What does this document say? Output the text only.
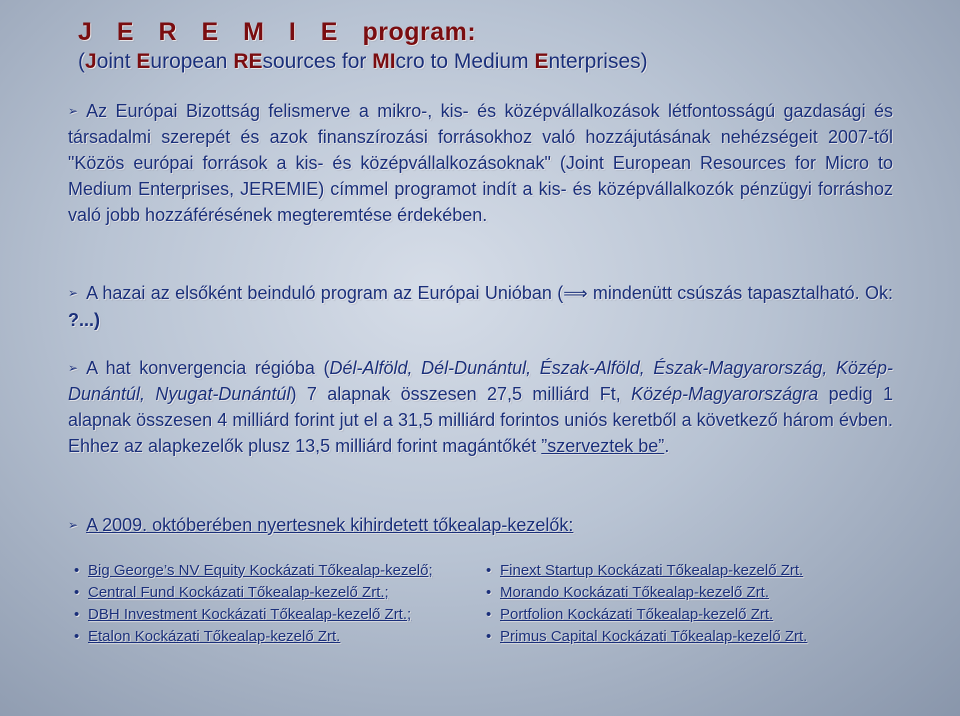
J E R E M I E program:
(Joint European REsources for MIcro to Medium Enterprises)
➢ Az Európai Bizottság felismerve a mikro-, kis- és középvállalkozások létfontosságú gazdasági és társadalmi szerepét és azok finanszírozási forrásokhoz való hozzájutásának nehézségeit 2007-től "Közös európai források a kis- és középvállalkozásoknak" (Joint European Resources for Micro to Medium Enterprises, JEREMIE) címmel programot indít a kis- és középvállalkozók pénzügyi forráshoz való jobb hozzáférésének megteremtése érdekében.
➢ A hazai az elsőként beinduló program az Európai Unióban (⟹ mindenütt csúszás tapasztalható. Ok: ?...)
➢ A hat konvergencia régióba (Dél-Alföld, Dél-Dunántul, Észak-Alföld, Észak-Magyarország, Közép-Dunántúl, Nyugat-Dunántúl) 7 alapnak összesen 27,5 milliárd Ft, Közép-Magyarországra pedig 1 alapnak összesen 4 milliárd forint jut el a 31,5 milliárd forintos uniós keretből a következő három évben. Ehhez az alapkezelők plusz 13,5 milliárd forint magántőkét ”szerveztek be”.
➢ A 2009. októberében nyertesnek kihirdetett tőkealap-kezelők:
• Big George’s NV Equity Kockázati Tőkealap-kezelő;
• Central Fund Kockázati Tőkealap-kezelő Zrt.;
• DBH Investment Kockázati Tőkealap-kezelő Zrt.;
• Etalon Kockázati Tőkealap-kezelő Zrt.
• Finext Startup Kockázati Tőkealap-kezelő Zrt.
• Morando Kockázati Tőkealap-kezelő Zrt.
• Portfolion Kockázati Tőkealap-kezelő Zrt.
• Primus Capital Kockázati Tőkealap-kezelő Zrt.
